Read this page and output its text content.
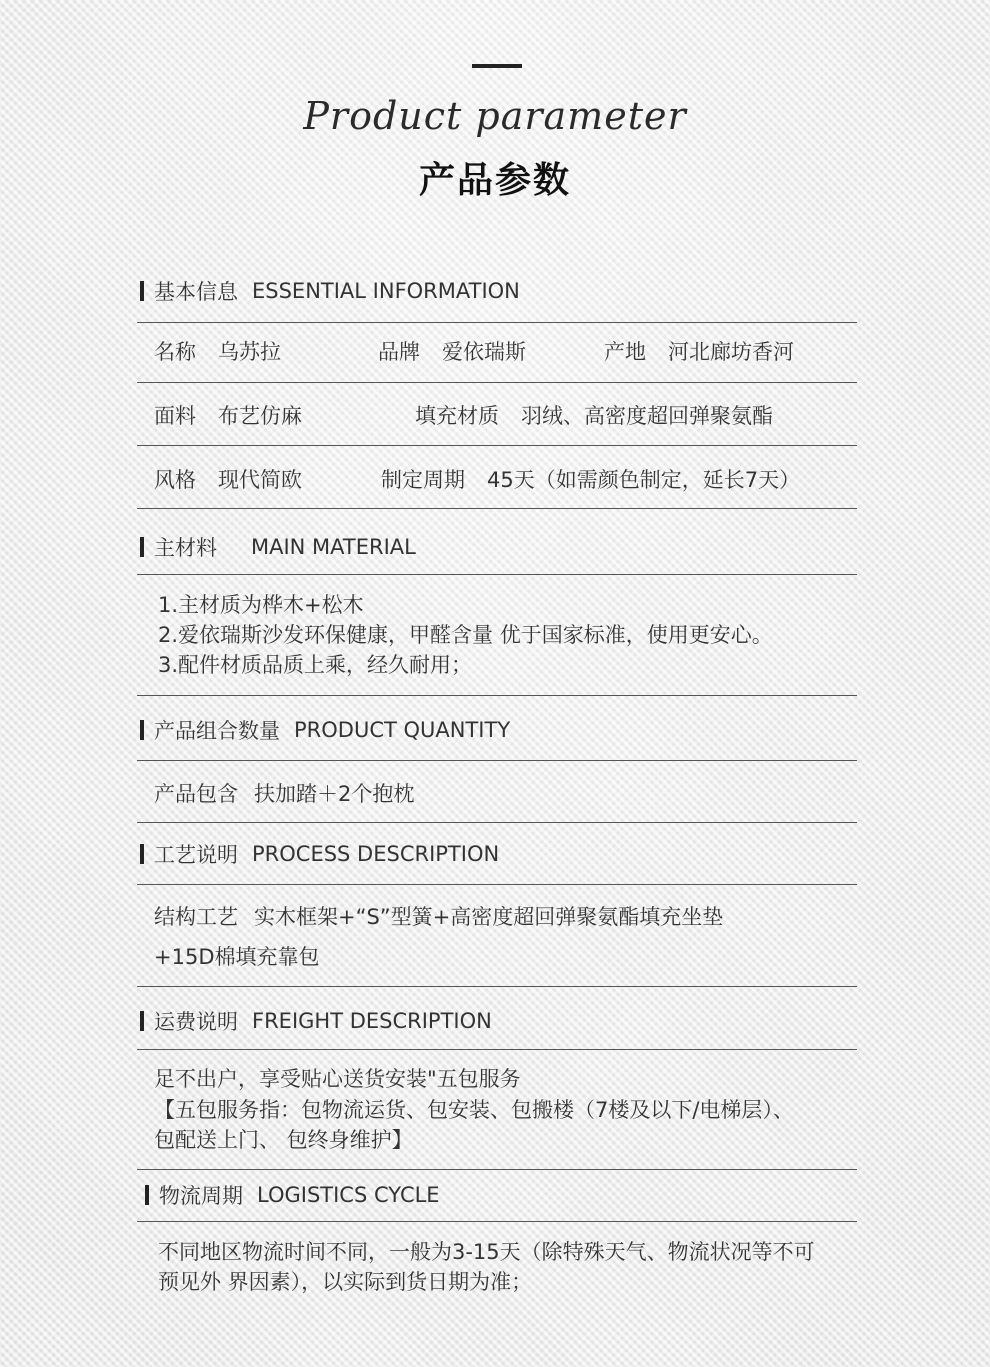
Product parameter
产品参数
基本信息 ESSENTIAL INFORMATION
名称 乌苏拉	品牌 爱依瑞斯	产地 河北廊坊香河
面料 布艺仿麻	填充材质 羽绒、高密度超回弹聚氨酯
风格 现代简欧	制定周期 45天（如需颜色制定，延长7天）
主材料 MAIN MATERIAL
1.主材质为桦木+松木
2.爱依瑞斯沙发环保健康，甲醛含量 优于国家标准，使用更安心。
3.配件材质品质上乘，经久耐用；
产品组合数量 PRODUCT QUANTITY
产品包含 扶加踏＋2个抱枕
工艺说明 PROCESS DESCRIPTION
结构工艺 实木框架+“S”型簧+高密度超回弹聚氨酯填充坐垫
+15D棉填充靠包
运费说明 FREIGHT DESCRIPTION
足不出户，享受贴心送货安装"五包服务
【五包服务指：包物流运货、包安装、包搬楼（7楼及以下/电梯层）、
包配送上门、 包终身维护】
物流周期 LOGISTICS CYCLE
不同地区物流时间不同，一般为3-15天（除特殊天气、物流状况等不可
预见外 界因素），以实际到货日期为准；
